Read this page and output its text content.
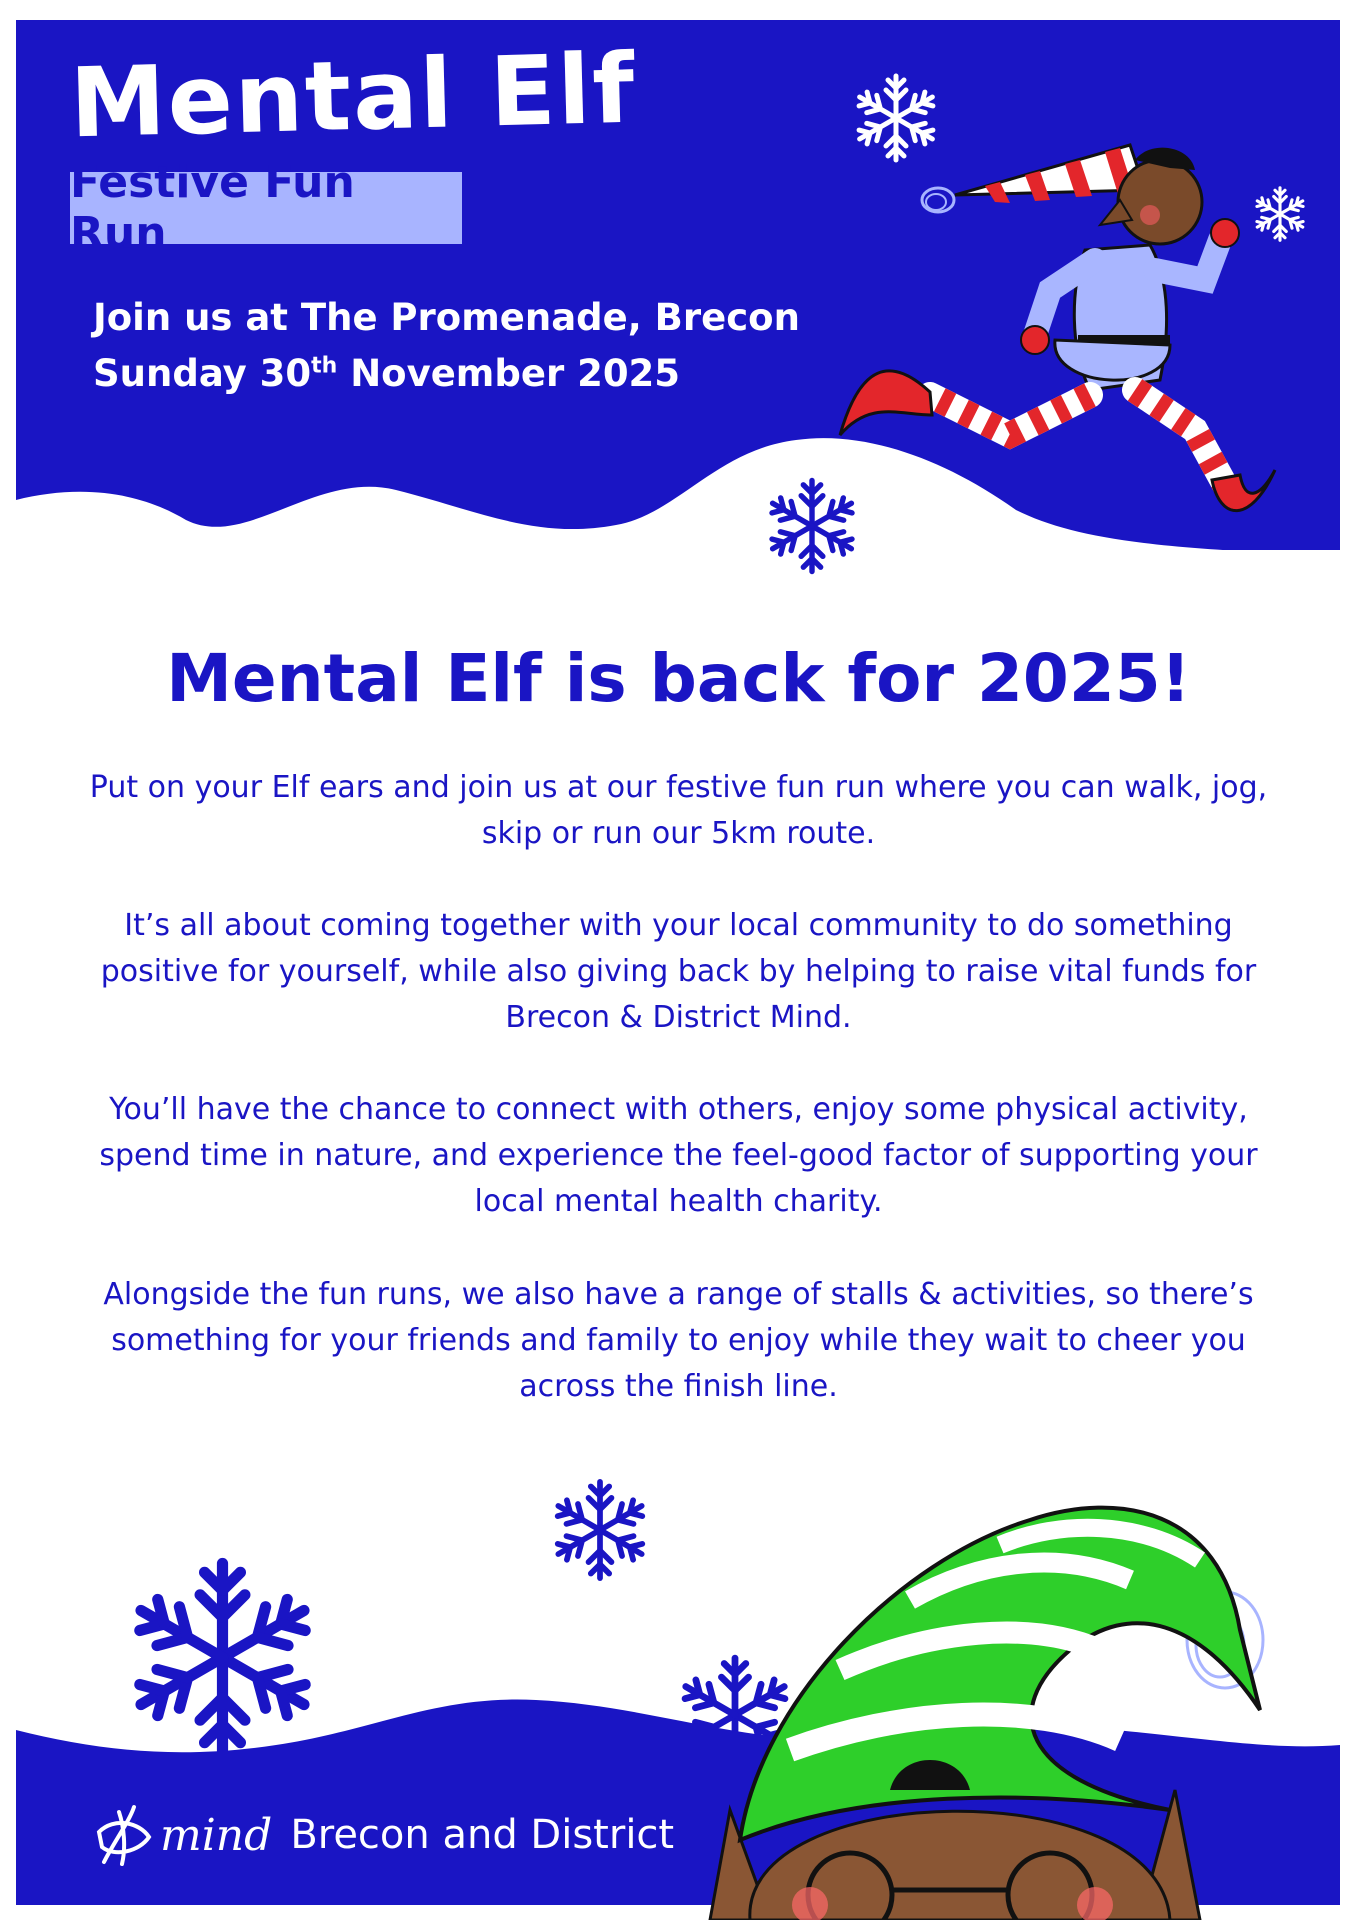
Mental Elf
Festive Fun Run
Join us at The Promenade, Brecon
Sunday 30th November 2025
Mental Elf is back for 2025!
Put on your Elf ears and join us at our festive fun run where you can walk, jog, skip or run our 5km route.
It’s all about coming together with your local community to do something positive for yourself, while also giving back by helping to raise vital funds for Brecon & District Mind.
You’ll have the chance to connect with others, enjoy some physical activity, spend time in nature, and experience the feel-good factor of supporting your local mental health charity.
Alongside the fun runs, we also have a range of stalls & activities, so there’s something for your friends and family to enjoy while they wait to cheer you across the finish line.
mind Brecon and District
